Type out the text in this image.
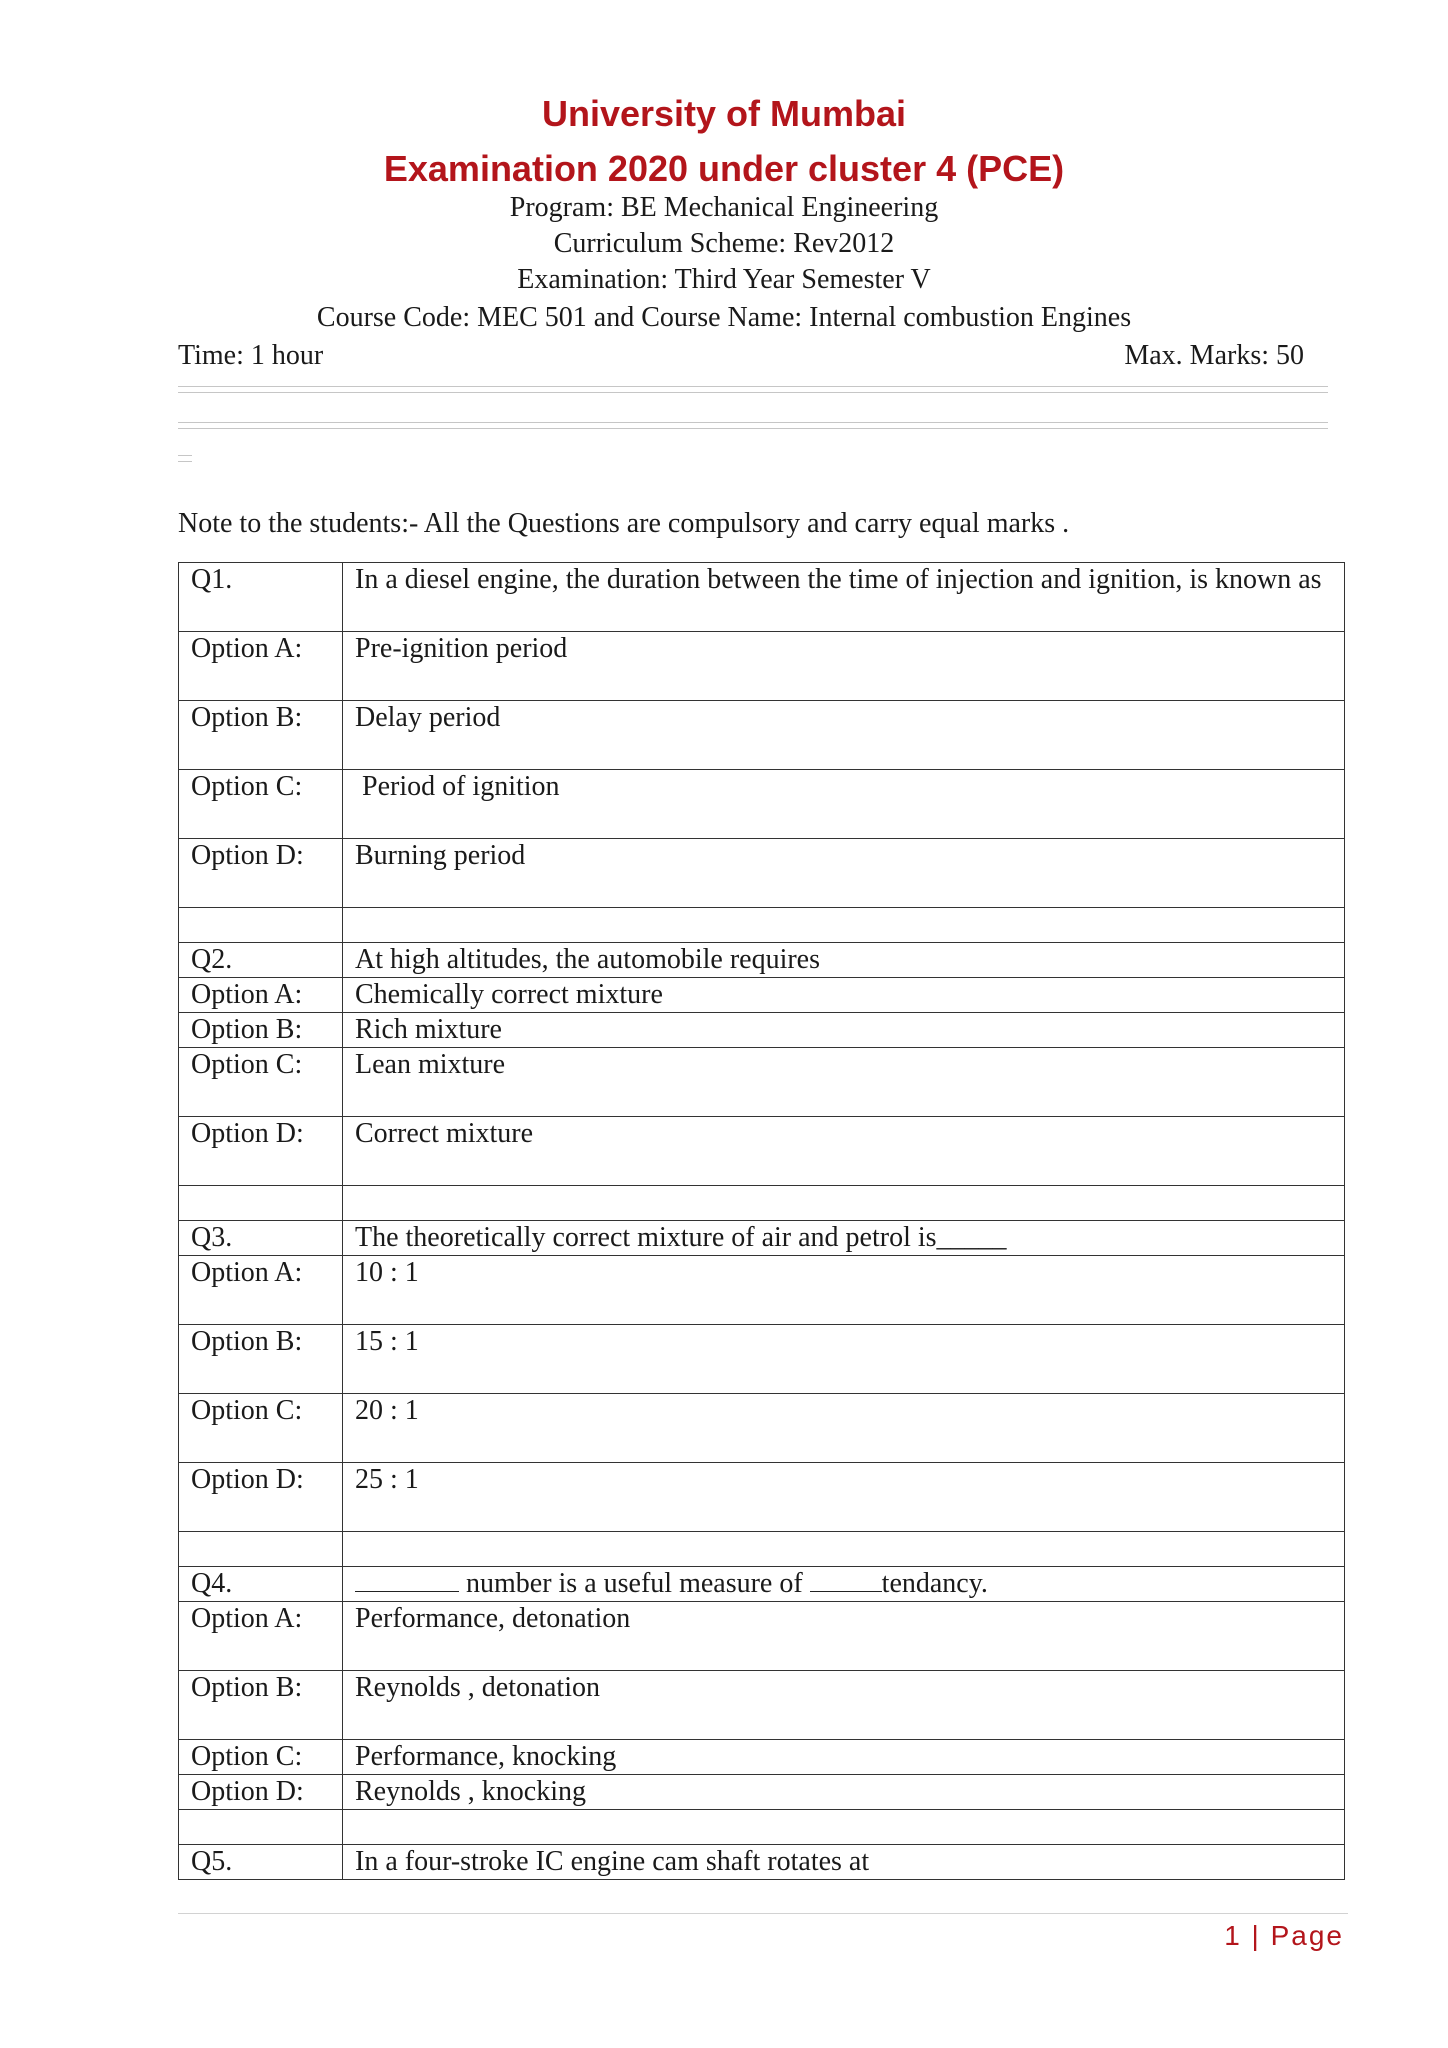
University of Mumbai
Examination 2020 under cluster 4 (PCE)
Program: BE Mechanical Engineering
Curriculum Scheme: Rev2012
Examination: Third Year Semester V
Course Code: MEC 501 and Course Name: Internal combustion Engines
Time: 1 hour	Max. Marks: 50
Note to the students:- All the Questions are compulsory and carry equal marks .
Q1.	In a diesel engine, the duration between the time of injection and ignition, is known as
Option A:	Pre-ignition period
Option B:	Delay period
Option C:	Period of ignition
Option D:	Burning period

Q2.	At high altitudes, the automobile requires
Option A:	Chemically correct mixture
Option B:	Rich mixture
Option C:	Lean mixture
Option D:	Correct mixture

Q3.	The theoretically correct mixture of air and petrol is_____
Option A:	10 : 1
Option B:	15 : 1
Option C:	20 : 1
Option D:	25 : 1

Q4.	number is a useful measure of tendancy.
Option A:	Performance, detonation
Option B:	Reynolds , detonation
Option C:	Performance, knocking
Option D:	Reynolds , knocking

Q5.	In a four-stroke IC engine cam shaft rotates at
1 | Page
